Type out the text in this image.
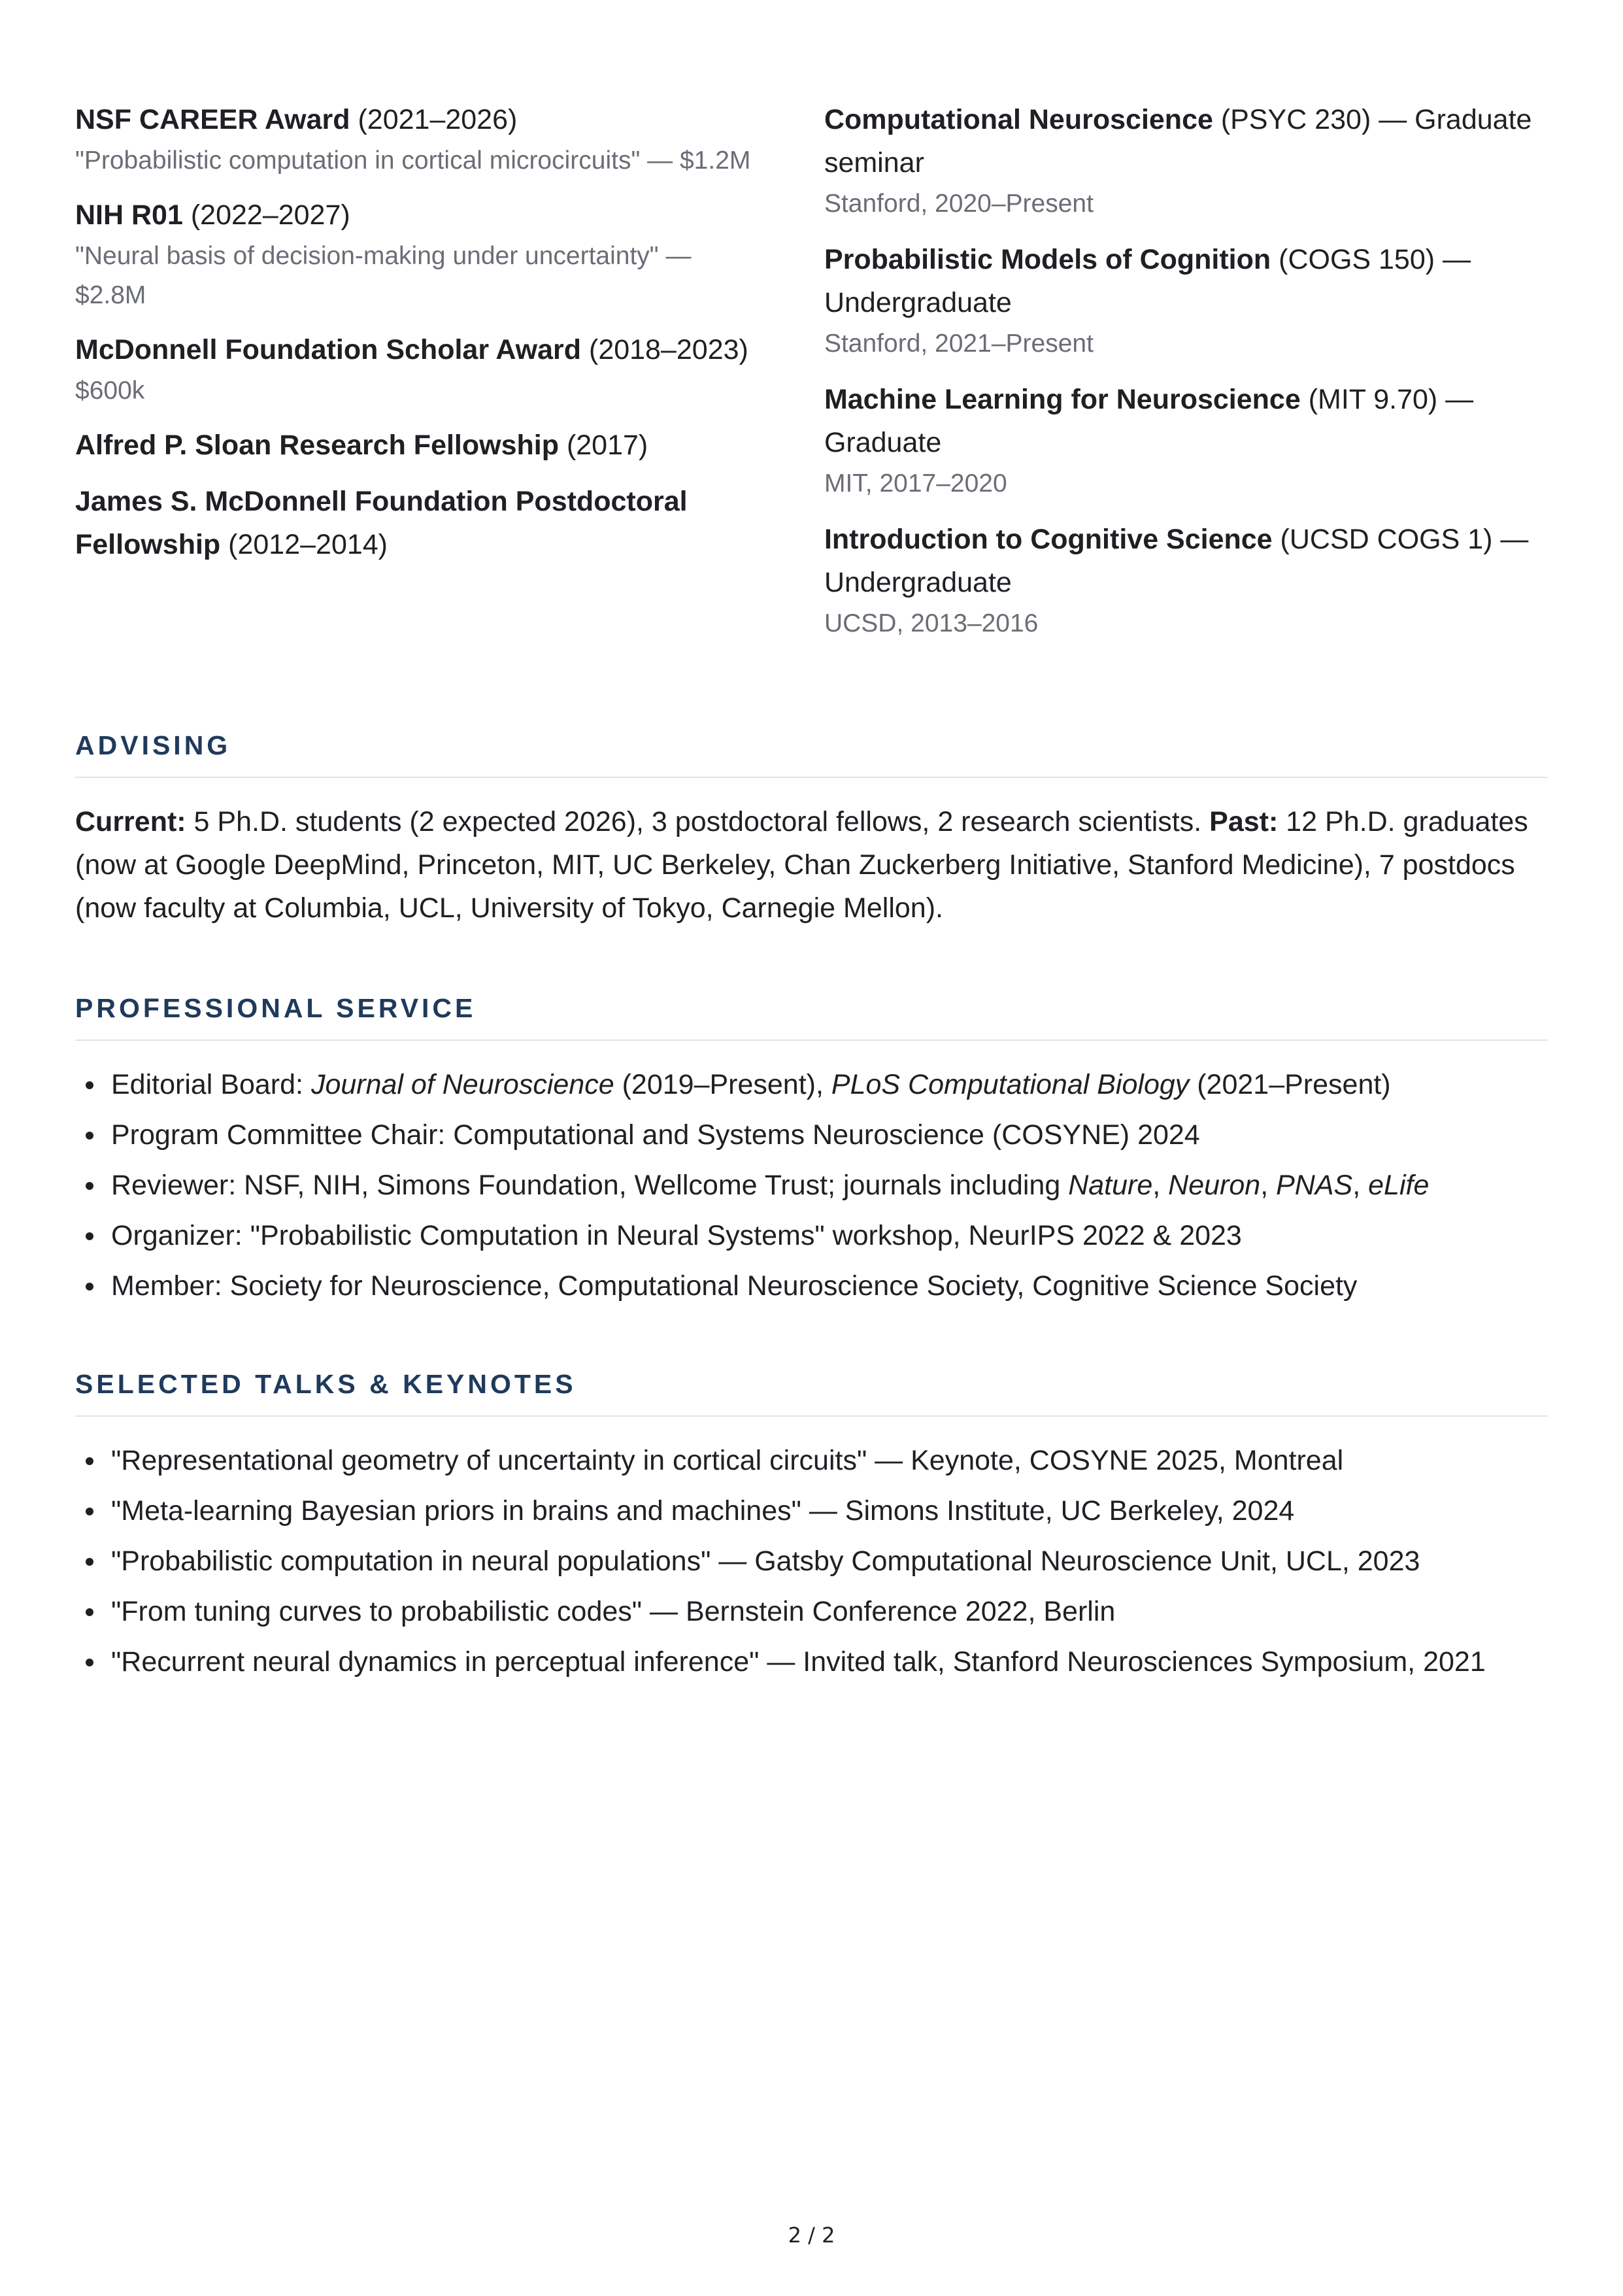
NSF CAREER Award (2021–2026)
"Probabilistic computation in cortical microcircuits" — $1.2M
NIH R01 (2022–2027)
"Neural basis of decision-making under uncertainty" — $2.8M
McDonnell Foundation Scholar Award (2018–2023)
$600k
Alfred P. Sloan Research Fellowship (2017)
James S. McDonnell Foundation Postdoctoral Fellowship (2012–2014)
Computational Neuroscience (PSYC 230) — Graduate seminar
Stanford, 2020–Present
Probabilistic Models of Cognition (COGS 150) — Undergraduate
Stanford, 2021–Present
Machine Learning for Neuroscience (MIT 9.70) — Graduate
MIT, 2017–2020
Introduction to Cognitive Science (UCSD COGS 1) — Undergraduate
UCSD, 2013–2016
ADVISING

Current: 5 Ph.D. students (2 expected 2026), 3 postdoctoral fellows, 2 research scientists. Past: 12 Ph.D. graduates (now at Google DeepMind, Princeton, MIT, UC Berkeley, Chan Zuckerberg Initiative, Stanford Medicine), 7 postdocs (now faculty at Columbia, UCL, University of Tokyo, Carnegie Mellon).

PROFESSIONAL SERVICE
Editorial Board: Journal of Neuroscience (2019–Present), PLoS Computational Biology (2021–Present)
Program Committee Chair: Computational and Systems Neuroscience (COSYNE) 2024
Reviewer: NSF, NIH, Simons Foundation, Wellcome Trust; journals including Nature, Neuron, PNAS, eLife
Organizer: "Probabilistic Computation in Neural Systems" workshop, NeurIPS 2022 & 2023
Member: Society for Neuroscience, Computational Neuroscience Society, Cognitive Science Society
SELECTED TALKS & KEYNOTES
"Representational geometry of uncertainty in cortical circuits" — Keynote, COSYNE 2025, Montreal
"Meta-learning Bayesian priors in brains and machines" — Simons Institute, UC Berkeley, 2024
"Probabilistic computation in neural populations" — Gatsby Computational Neuroscience Unit, UCL, 2023
"From tuning curves to probabilistic codes" — Bernstein Conference 2022, Berlin
"Recurrent neural dynamics in perceptual inference" — Invited talk, Stanford Neurosciences Symposium, 2021
2 / 2
